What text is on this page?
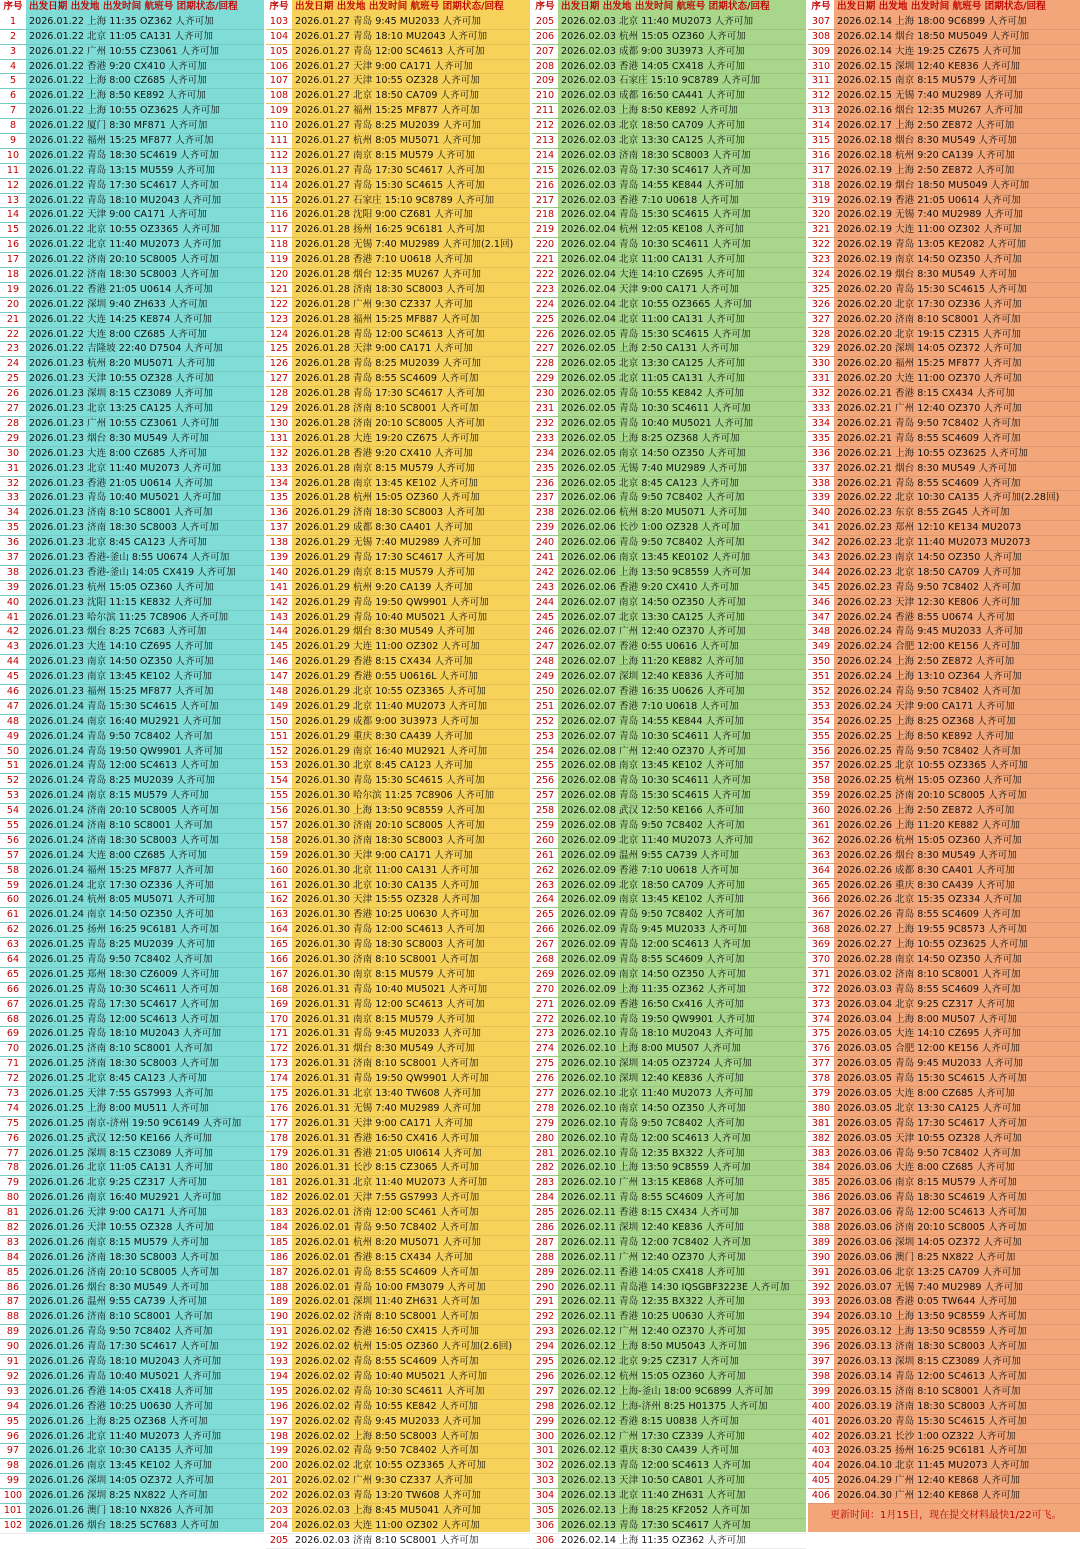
序号 出发日期 出发地 出发时间 航班号 团期状态/回程
1	2026.01.22 上海 11:35 OZ362 人齐可加
2	2026.01.22 北京 11:05 CA131 人齐可加
3	2026.01.22 广州 10:55 CZ3061 人齐可加
4	2026.01.22 香港 9:20 CX410 人齐可加
5	2026.01.22 上海 8:00 CZ685 人齐可加
6	2026.01.22 上海 8:50 KE892 人齐可加
7	2026.01.22 上海 10:55 OZ3625 人齐可加
8	2026.01.22 厦门 8:30 MF871 人齐可加
9	2026.01.22 福州 15:25 MF877 人齐可加
10	2026.01.22 青岛 18:30 SC4619 人齐可加
11	2026.01.22 青岛 13:15 MU559 人齐可加
12	2026.01.22 青岛 17:30 SC4617 人齐可加
13	2026.01.22 青岛 18:10 MU2043 人齐可加
14	2026.01.22 天津 9:00 CA171 人齐可加
15	2026.01.22 北京 10:55 OZ3365 人齐可加
16	2026.01.22 北京 11:40 MU2073 人齐可加
17	2026.01.22 济南 20:10 SC8005 人齐可加
18	2026.01.22 济南 18:30 SC8003 人齐可加
19	2026.01.22 香港 21:05 U0614 人齐可加
20	2026.01.22 深圳 9:40 ZH633 人齐可加
21	2026.01.22 大连 14:25 KE874 人齐可加
22	2026.01.22 大连 8:00 CZ685 人齐可加
23	2026.01.22 吉隆坡 22:40 D7504 人齐可加
24	2026.01.23 杭州 8:20 MU5071 人齐可加
25	2026.01.23 天津 10:55 OZ328 人齐可加
26	2026.01.23 深圳 8:15 CZ3089 人齐可加
27	2026.01.23 北京 13:25 CA125 人齐可加
28	2026.01.23 广州 10:55 CZ3061 人齐可加
29	2026.01.23 烟台 8:30 MU549 人齐可加
30	2026.01.23 大连 8:00 CZ685 人齐可加
31	2026.01.23 北京 11:40 MU2073 人齐可加
32	2026.01.23 香港 21:05 U0614 人齐可加
33	2026.01.23 青岛 10:40 MU5021 人齐可加
34	2026.01.23 济南 8:10 SC8001 人齐可加
35	2026.01.23 济南 18:30 SC8003 人齐可加
36	2026.01.23 北京 8:45 CA123 人齐可加
37	2026.01.23 香港-釜山 8:55 U0674 人齐可加
38	2026.01.23 香港-釜山 14:05 CX419 人齐可加
39	2026.01.23 杭州 15:05 OZ360 人齐可加
40	2026.01.23 沈阳 11:15 KE832 人齐可加
41	2026.01.23 哈尔滨 11:25 7C8906 人齐可加
42	2026.01.23 烟台 8:25 7C683 人齐可加
43	2026.01.23 大连 14:10 CZ695 人齐可加
44	2026.01.23 南京 14:50 OZ350 人齐可加
45	2026.01.23 南京 13:45 KE102 人齐可加
46	2026.01.23 福州 15:25 MF877 人齐可加
47	2026.01.24 青岛 15:30 SC4615 人齐可加
48	2026.01.24 南京 16:40 MU2921 人齐可加
49	2026.01.24 青岛 9:50 7C8402 人齐可加
50	2026.01.24 青岛 19:50 QW9901 人齐可加
51	2026.01.24 青岛 12:00 SC4613 人齐可加
52	2026.01.24 青岛 8:25 MU2039 人齐可加
53	2026.01.24 南京 8:15 MU579 人齐可加
54	2026.01.24 济南 20:10 SC8005 人齐可加
55	2026.01.24 济南 8:10 SC8001 人齐可加
56	2026.01.24 济南 18:30 SC8003 人齐可加
57	2026.01.24 大连 8:00 CZ685 人齐可加
58	2026.01.24 福州 15:25 MF877 人齐可加
59	2026.01.24 北京 17:30 OZ336 人齐可加
60	2026.01.24 杭州 8:05 MU5071 人齐可加
61	2026.01.24 南京 14:50 OZ350 人齐可加
62	2026.01.25 扬州 16:25 9C6181 人齐可加
63	2026.01.25 青岛 8:25 MU2039 人齐可加
64	2026.01.25 青岛 9:50 7C8402 人齐可加
65	2026.01.25 郑州 18:30 CZ6009 人齐可加
66	2026.01.25 青岛 10:30 SC4611 人齐可加
67	2026.01.25 青岛 17:30 SC4617 人齐可加
68	2026.01.25 青岛 12:00 SC4613 人齐可加
69	2026.01.25 青岛 18:10 MU2043 人齐可加
70	2026.01.25 济南 8:10 SC8001 人齐可加
71	2026.01.25 济南 18:30 SC8003 人齐可加
72	2026.01.25 北京 8:45 CA123 人齐可加
73	2026.01.25 天津 7:55 GS7993 人齐可加
74	2026.01.25 上海 8:00 MU511 人齐可加
75	2026.01.25 南京-济州 19:50 9C6149 人齐可加
76	2026.01.25 武汉 12:50 KE166 人齐可加
77	2026.01.25 深圳 8:15 CZ3089 人齐可加
78	2026.01.26 北京 11:05 CA131 人齐可加
79	2026.01.26 北京 9:25 CZ317 人齐可加
80	2026.01.26 南京 16:40 MU2921 人齐可加
81	2026.01.26 天津 9:00 CA171 人齐可加
82	2026.01.26 天津 10:55 OZ328 人齐可加
83	2026.01.26 南京 8:15 MU579 人齐可加
84	2026.01.26 济南 18:30 SC8003 人齐可加
85	2026.01.26 济南 20:10 SC8005 人齐可加
86	2026.01.26 烟台 8:30 MU549 人齐可加
87	2026.01.26 温州 9:55 CA739 人齐可加
88	2026.01.26 济南 8:10 SC8001 人齐可加
89	2026.01.26 青岛 9:50 7C8402 人齐可加
90	2026.01.26 青岛 17:30 SC4617 人齐可加
91	2026.01.26 青岛 18:10 MU2043 人齐可加
92	2026.01.26 青岛 10:40 MU5021 人齐可加
93	2026.01.26 香港 14:05 CX418 人齐可加
94	2026.01.26 香港 10:25 U0630 人齐可加
95	2026.01.26 上海 8:25 OZ368 人齐可加
96	2026.01.26 北京 11:40 MU2073 人齐可加
97	2026.01.26 北京 10:30 CA135 人齐可加
98	2026.01.26 南京 13:45 KE102 人齐可加
99	2026.01.26 深圳 14:05 OZ372 人齐可加
100 2026.01.26 深圳 8:25 NX822 人齐可加
101 2026.01.26 澳门 18:10 NX826 人齐可加
102 2026.01.26 烟台 18:25 SC7683 人齐可加
序号 出发日期 出发地 出发时间 航班号 团期状态/回程
103 2026.01.27 青岛 9:45 MU2033 人齐可加
104 2026.01.27 青岛 18:10 MU2043 人齐可加
105 2026.01.27 青岛 12:00 SC4613 人齐可加
106 2026.01.27 天津 9:00 CA171 人齐可加
107 2026.01.27 天津 10:55 OZ328 人齐可加
108 2026.01.27 北京 18:50 CA709 人齐可加
109 2026.01.27 福州 15:25 MF877 人齐可加
110 2026.01.27 青岛 8:25 MU2039 人齐可加
111 2026.01.27 杭州 8:05 MU5071 人齐可加
112 2026.01.27 南京 8:15 MU579 人齐可加
113 2026.01.27 青岛 17:30 SC4617 人齐可加
114 2026.01.27 青岛 15:30 SC4615 人齐可加
115 2026.01.27 石家庄 15:10 9C8789 人齐可加
116 2026.01.28 沈阳 9:00 CZ681 人齐可加
117 2026.01.28 扬州 16:25 9C6181 人齐可加
118 2026.01.28 无锡 7:40 MU2989 人齐可加(2.1回)
119 2026.01.28 香港 7:10 U0618 人齐可加
120 2026.01.28 烟台 12:35 MU267 人齐可加
121 2026.01.28 济南 18:30 SC8003 人齐可加
122 2026.01.28 广州 9:30 CZ337 人齐可加
123 2026.01.28 福州 15:25 MF887 人齐可加
124 2026.01.28 青岛 12:00 SC4613 人齐可加
125 2026.01.28 天津 9:00 CA171 人齐可加
126 2026.01.28 青岛 8:25 MU2039 人齐可加
127 2026.01.28 青岛 8:55 SC4609 人齐可加
128 2026.01.28 青岛 17:30 SC4617 人齐可加
129 2026.01.28 济南 8:10 SC8001 人齐可加
130 2026.01.28 济南 20:10 SC8005 人齐可加
131 2026.01.28 大连 19:20 CZ675 人齐可加
132 2026.01.28 香港 9:20 CX410 人齐可加
133 2026.01.28 南京 8:15 MU579 人齐可加
134 2026.01.28 南京 13:45 KE102 人齐可加
135 2026.01.28 杭州 15:05 OZ360 人齐可加
136 2026.01.29 济南 18:30 SC8003 人齐可加
137 2026.01.29 成都 8:30 CA401 人齐可加
138 2026.01.29 无锡 7:40 MU2989 人齐可加
139 2026.01.29 青岛 17:30 SC4617 人齐可加
140 2026.01.29 南京 8:15 MU579 人齐可加
141 2026.01.29 杭州 9:20 CA139 人齐可加
142 2026.01.29 青岛 19:50 QW9901 人齐可加
143 2026.01.29 青岛 10:40 MU5021 人齐可加
144 2026.01.29 烟台 8:30 MU549 人齐可加
145 2026.01.29 大连 11:00 OZ302 人齐可加
146 2026.01.29 香港 8:15 CX434 人齐可加
147 2026.01.29 香港 0:55 U0616L 人齐可加
148 2026.01.29 北京 10:55 OZ3365 人齐可加
149 2026.01.29 北京 11:40 MU2073 人齐可加
150 2026.01.29 成都 9:00 3U3973 人齐可加
151 2026.01.29 重庆 8:30 CA439 人齐可加
152 2026.01.29 南京 16:40 MU2921 人齐可加
153 2026.01.30 北京 8:45 CA123 人齐可加
154 2026.01.30 青岛 15:30 SC4615 人齐可加
155 2026.01.30 哈尔滨 11:25 7C8906 人齐可加
156 2026.01.30 上海 13:50 9C8559 人齐可加
157 2026.01.30 济南 20:10 SC8005 人齐可加
158 2026.01.30 济南 18:30 SC8003 人齐可加
159 2026.01.30 天津 9:00 CA171 人齐可加
160 2026.01.30 北京 11:00 CA131 人齐可加
161 2026.01.30 北京 10:30 CA135 人齐可加
162 2026.01.30 天津 15:55 OZ328 人齐可加
163 2026.01.30 香港 10:25 U0630 人齐可加
164 2026.01.30 青岛 12:00 SC4613 人齐可加
165 2026.01.30 青岛 18:30 SC8003 人齐可加
166 2026.01.30 济南 8:10 SC8001 人齐可加
167 2026.01.30 南京 8:15 MU579 人齐可加
168 2026.01.31 青岛 10:40 MU5021 人齐可加
169 2026.01.31 青岛 12:00 SC4613 人齐可加
170 2026.01.31 南京 8:15 MU579 人齐可加
171 2026.01.31 青岛 9:45 MU2033 人齐可加
172 2026.01.31 烟台 8:30 MU549 人齐可加
173 2026.01.31 济南 8:10 SC8001 人齐可加
174 2026.01.31 青岛 19:50 QW9901 人齐可加
175 2026.01.31 北京 13:40 TW608 人齐可加
176 2026.01.31 无锡 7:40 MU2989 人齐可加
177 2026.01.31 天津 9:00 CA171 人齐可加
178 2026.01.31 香港 16:50 CX416 人齐可加
179 2026.01.31 香港 21:05 UI0614 人齐可加
180 2026.01.31 长沙 8:15 CZ3065 人齐可加
181 2026.01.31 北京 11:40 MU2073 人齐可加
182 2026.02.01 天津 7:55 GS7993 人齐可加
183 2026.02.01 济南 12:00 SC461 人齐可加
184 2026.02.01 青岛 9:50 7C8402 人齐可加
185 2026.02.01 杭州 8:20 MU5071 人齐可加
186 2026.02.01 香港 8:15 CX434 人齐可加
187 2026.02.01 青岛 8:55 SC4609 人齐可加
188 2026.02.01 青岛 10:00 FM3079 人齐可加
189 2026.02.01 深圳 11:40 ZH631 人齐可加
190 2026.02.02 济南 8:10 SC8001 人齐可加
191 2026.02.02 香港 16:50 CX415 人齐可加
192 2026.02.02 杭州 15:05 OZ360 人齐可加(2.6回)
193 2026.02.02 青岛 8:55 SC4609 人齐可加
194 2026.02.02 青岛 10:40 MU5021 人齐可加
195 2026.02.02 青岛 10:30 SC4611 人齐可加
196 2026.02.02 青岛 10:55 KE842 人齐可加
197 2026.02.02 青岛 9:45 MU2033 人齐可加
198 2026.02.02 上海 8:50 SC8003 人齐可加
199 2026.02.02 青岛 9:50 7C8402 人齐可加
200 2026.02.02 北京 10:55 OZ3365 人齐可加
201 2026.02.02 广州 9:30 CZ337 人齐可加
202 2026.02.03 青岛 13:20 TW608 人齐可加
203 2026.02.03 上海 8:45 MU5041 人齐可加
204 2026.02.03 大连 11:00 OZ302 人齐可加
205 2026.02.03 济南 8:10 SC8001 人齐可加
序号 出发日期 出发地 出发时间 航班号 团期状态/回程
205 2026.02.03 北京 11:40 MU2073 人齐可加
206 2026.02.03 杭州 15:05 OZ360 人齐可加
207 2026.02.03 成都 9:00 3U3973 人齐可加
208 2026.02.03 香港 14:05 CX418 人齐可加
209 2026.02.03 石家庄 15:10 9C8789 人齐可加
210 2026.02.03 成都 16:50 CA441 人齐可加
211 2026.02.03 上海 8:50 KE892 人齐可加
212 2026.02.03 北京 18:50 CA709 人齐可加
213 2026.02.03 北京 13:30 CA125 人齐可加
214 2026.02.03 济南 18:30 SC8003 人齐可加
215 2026.02.03 青岛 17:30 SC4617 人齐可加
216 2026.02.03 青岛 14:55 KE844 人齐可加
217 2026.02.03 香港 7:10 U0618 人齐可加
218 2026.02.04 青岛 15:30 SC4615 人齐可加
219 2026.02.04 杭州 12:05 KE108 人齐可加
220 2026.02.04 青岛 10:30 SC4611 人齐可加
221 2026.02.04 北京 11:00 CA131 人齐可加
222 2026.02.04 大连 14:10 CZ695 人齐可加
223 2026.02.04 天津 9:00 CA171 人齐可加
224 2026.02.04 北京 10:55 OZ3665 人齐可加
225 2026.02.04 北京 11:00 CA131 人齐可加
226 2026.02.05 青岛 15:30 SC4615 人齐可加
227 2026.02.05 上海 2:50 CA131 人齐可加
228 2026.02.05 北京 13:30 CA125 人齐可加
229 2026.02.05 北京 11:05 CA131 人齐可加
230 2026.02.05 青岛 10:55 KE842 人齐可加
231 2026.02.05 青岛 10:30 SC4611 人齐可加
232 2026.02.05 青岛 10:40 MU5021 人齐可加
233 2026.02.05 上海 8:25 OZ368 人齐可加
234 2026.02.05 南京 14:50 OZ350 人齐可加
235 2026.02.05 无锡 7:40 MU2989 人齐可加
236 2026.02.05 北京 8:45 CA123 人齐可加
237 2026.02.06 青岛 9:50 7C8402 人齐可加
238 2026.02.06 杭州 8:20 MU5071 人齐可加
239 2026.02.06 长沙 1:00 OZ328 人齐可加
240 2026.02.06 青岛 9:50 7C8402 人齐可加
241 2026.02.06 南京 13:45 KE0102 人齐可加
242 2026.02.06 上海 13:50 9C8559 人齐可加
243 2026.02.06 香港 9:20 CX410 人齐可加
244 2026.02.07 南京 14:50 OZ350 人齐可加
245 2026.02.07 北京 13:30 CA125 人齐可加
246 2026.02.07 广州 12:40 OZ370 人齐可加
247 2026.02.07 香港 0:55 U0616 人齐可加
248 2026.02.07 上海 11:20 KE882 人齐可加
249 2026.02.07 深圳 12:40 KE836 人齐可加
250 2026.02.07 香港 16:35 U0626 人齐可加
251 2026.02.07 香港 7:10 U0618 人齐可加
252 2026.02.07 青岛 14:55 KE844 人齐可加
253 2026.02.07 青岛 10:30 SC4611 人齐可加
254 2026.02.08 广州 12:40 OZ370 人齐可加
255 2026.02.08 南京 13:45 KE102 人齐可加
256 2026.02.08 青岛 10:30 SC4611 人齐可加
257 2026.02.08 青岛 15:30 SC4615 人齐可加
258 2026.02.08 武汉 12:50 KE166 人齐可加
259 2026.02.08 青岛 9:50 7C8402 人齐可加
260 2026.02.09 北京 11:40 MU2073 人齐可加
261 2026.02.09 温州 9:55 CA739 人齐可加
262 2026.02.09 香港 7:10 U0618 人齐可加
263 2026.02.09 北京 18:50 CA709 人齐可加
264 2026.02.09 南京 13:45 KE102 人齐可加
265 2026.02.09 青岛 9:50 7C8402 人齐可加
266 2026.02.09 青岛 9:45 MU2033 人齐可加
267 2026.02.09 青岛 12:00 SC4613 人齐可加
268 2026.02.09 青岛 8:55 SC4609 人齐可加
269 2026.02.09 南京 14:50 OZ350 人齐可加
270 2026.02.09 上海 11:35 OZ362 人齐可加
271 2026.02.09 香港 16:50 Cx416 人齐可加
272 2026.02.10 青岛 19:50 QW9901 人齐可加
273 2026.02.10 青岛 18:10 MU2043 人齐可加
274 2026.02.10 上海 8:00 MU507 人齐可加
275 2026.02.10 深圳 14:05 OZ3724 人齐可加
276 2026.02.10 深圳 12:40 KE836 人齐可加
277 2026.02.10 北京 11:40 MU2073 人齐可加
278 2026.02.10 南京 14:50 OZ350 人齐可加
279 2026.02.10 青岛 9:50 7C8402 人齐可加
280 2026.02.10 青岛 12:00 SC4613 人齐可加
281 2026.02.10 青岛 12:35 BX322 人齐可加
282 2026.02.10 上海 13:50 9C8559 人齐可加
283 2026.02.10 广州 13:15 KE868 人齐可加
284 2026.02.11 青岛 8:55 SC4609 人齐可加
285 2026.02.11 香港 8:15 CX434 人齐可加
286 2026.02.11 深圳 12:40 KE836 人齐可加
287 2026.02.11 青岛 12:00 7C8402 人齐可加
288 2026.02.11 广州 12:40 OZ370 人齐可加
289 2026.02.11 香港 14:05 CX418 人齐可加
290 2026.02.11 青岛港 14:30 IQSGBF3223E 人齐可加
291 2026.02.11 青岛 12:35 BX322 人齐可加
292 2026.02.11 香港 10:25 U0630 人齐可加
293 2026.02.12 广州 12:40 OZ370 人齐可加
294 2026.02.12 上海 8:50 MU5043 人齐可加
295 2026.02.12 北京 9:25 CZ317 人齐可加
296 2026.02.12 杭州 15:05 OZ360 人齐可加
297 2026.02.12 上海-釜山 18:00 9C6899 人齐可加
298 2026.02.12 上海-济州 8:25 H01375 人齐可加
299 2026.02.12 香港 8:15 U0838 人齐可加
300 2026.02.12 广州 17:30 CZ339 人齐可加
301 2026.02.12 重庆 8:30 CA439 人齐可加
302 2026.02.13 青岛 12:00 SC4613 人齐可加
303 2026.02.13 天津 10:50 CA801 人齐可加
304 2026.02.13 北京 11:40 ZH631 人齐可加
305 2026.02.13 上海 18:25 KF2052 人齐可加
306 2026.02.13 青岛 17:30 SC4617 人齐可加
306 2026.02.14 上海 11:35 OZ362 人齐可加
序号 出发日期 出发地 出发时间 航班号 团期状态/回程
307 2026.02.14 上海 18:00 9C6899 人齐可加
308 2026.02.14 烟台 18:50 MU5049 人齐可加
309 2026.02.14 大连 19:25 CZ675 人齐可加
310 2026.02.15 深圳 12:40 KE836 人齐可加
311 2026.02.15 南京 8:15 MU579 人齐可加
312 2026.02.15 无锡 7:40 MU2989 人齐可加
313 2026.02.16 烟台 12:35 MU267 人齐可加
314 2026.02.17 上海 2:50 ZE872 人齐可加
315 2026.02.18 烟台 8:30 MU549 人齐可加
316 2026.02.18 杭州 9:20 CA139 人齐可加
317 2026.02.19 上海 2:50 ZE872 人齐可加
318 2026.02.19 烟台 18:50 MU5049 人齐可加
319 2026.02.19 香港 21:05 U0614 人齐可加
320 2026.02.19 无锡 7:40 MU2989 人齐可加
321 2026.02.19 大连 11:00 OZ302 人齐可加
322 2026.02.19 青岛 13:05 KE2082 人齐可加
323 2026.02.19 南京 14:50 OZ350 人齐可加
324 2026.02.19 烟台 8:30 MU549 人齐可加
325 2026.02.20 青岛 15:30 SC4615 人齐可加
326 2026.02.20 北京 17:30 OZ336 人齐可加
327 2026.02.20 济南 8:10 SC8001 人齐可加
328 2026.02.20 北京 19:15 CZ315 人齐可加
329 2026.02.20 深圳 14:05 OZ372 人齐可加
330 2026.02.20 福州 15:25 MF877 人齐可加
331 2026.02.20 大连 11:00 OZ370 人齐可加
332 2026.02.21 香港 8:15 CX434 人齐可加
333 2026.02.21 广州 12:40 OZ370 人齐可加
334 2026.02.21 青岛 9:50 7C8402 人齐可加
335 2026.02.21 青岛 8:55 SC4609 人齐可加
336 2026.02.21 上海 10:55 OZ3625 人齐可加
337 2026.02.21 烟台 8:30 MU549 人齐可加
338 2026.02.21 青岛 8:55 SC4609 人齐可加
339 2026.02.22 北京 10:30 CA135 人齐可加(2.28回)
340 2026.02.23 东京 8:55 ZG45 人齐可加
341 2026.02.23 郑州 12:10 KE134 MU2073
342 2026.02.23 北京 11:40 MU2073 MU2073
343 2026.02.23 南京 14:50 OZ350 人齐可加
344 2026.02.23 北京 18:50 CA709 人齐可加
345 2026.02.23 青岛 9:50 7C8402 人齐可加
346 2026.02.23 天津 12:30 KE806 人齐可加
347 2026.02.24 香港 8:55 U0674 人齐可加
348 2026.02.24 青岛 9:45 MU2033 人齐可加
349 2026.02.24 合肥 12:00 KE156 人齐可加
350 2026.02.24 上海 2:50 ZE872 人齐可加
351 2026.02.24 上海 13:10 OZ364 人齐可加
352 2026.02.24 青岛 9:50 7C8402 人齐可加
353 2026.02.24 天津 9:00 CA171 人齐可加
354 2026.02.25 上海 8:25 OZ368 人齐可加
355 2026.02.25 上海 8:50 KE892 人齐可加
356 2026.02.25 青岛 9:50 7C8402 人齐可加
357 2026.02.25 北京 10:55 OZ3365 人齐可加
358 2026.02.25 杭州 15:05 OZ360 人齐可加
359 2026.02.25 济南 20:10 SC8005 人齐可加
360 2026.02.26 上海 2:50 ZE872 人齐可加
361 2026.02.26 上海 11:20 KE882 人齐可加
362 2026.02.26 杭州 15:05 OZ360 人齐可加
363 2026.02.26 烟台 8:30 MU549 人齐可加
364 2026.02.26 成都 8:30 CA401 人齐可加
365 2026.02.26 重庆 8:30 CA439 人齐可加
366 2026.02.26 北京 15:35 OZ334 人齐可加
367 2026.02.26 青岛 8:55 SC4609 人齐可加
368 2026.02.27 上海 19:55 9C8573 人齐可加
369 2026.02.27 上海 10:55 OZ3625 人齐可加
370 2026.02.28 南京 14:50 OZ350 人齐可加
371 2026.03.02 济南 8:10 SC8001 人齐可加
372 2026.03.03 青岛 8:55 SC4609 人齐可加
373 2026.03.04 北京 9:25 CZ317 人齐可加
374 2026.03.04 上海 8:00 MU507 人齐可加
375 2026.03.05 大连 14:10 CZ695 人齐可加
376 2026.03.05 合肥 12:00 KE156 人齐可加
377 2026.03.05 青岛 9:45 MU2033 人齐可加
378 2026.03.05 青岛 15:30 SC4615 人齐可加
379 2026.03.05 大连 8:00 CZ685 人齐可加
380 2026.03.05 北京 13:30 CA125 人齐可加
381 2026.03.05 青岛 17:30 SC4617 人齐可加
382 2026.03.05 天津 10:55 OZ328 人齐可加
383 2026.03.06 青岛 9:50 7C8402 人齐可加
384 2026.03.06 大连 8:00 CZ685 人齐可加
385 2026.03.06 南京 8:15 MU579 人齐可加
386 2026.03.06 青岛 18:30 SC4619 人齐可加
387 2026.03.06 青岛 12:00 SC4613 人齐可加
388 2026.03.06 济南 20:10 SC8005 人齐可加
389 2026.03.06 深圳 14:05 OZ372 人齐可加
390 2026.03.06 澳门 8:25 NX822 人齐可加
391 2026.03.06 北京 13:25 CA709 人齐可加
392 2026.03.07 无锡 7:40 MU2989 人齐可加
393 2026.03.08 香港 0:05 TW644 人齐可加
394 2026.03.10 上海 13:50 9C8559 人齐可加
395 2026.03.12 上海 13:50 9C8559 人齐可加
396 2026.03.13 济南 18:30 SC8003 人齐可加
397 2026.03.13 深圳 8:15 CZ3089 人齐可加
398 2026.03.14 青岛 12:00 SC4613 人齐可加
399 2026.03.15 济南 8:10 SC8001 人齐可加
400 2026.03.19 济南 18:30 SC8003 人齐可加
401 2026.03.20 青岛 15:30 SC4615 人齐可加
402 2026.03.21 长沙 1:00 OZ322 人齐可加
403 2026.03.25 扬州 16:25 9C6181 人齐可加
404 2026.04.10 北京 11:45 MU2073 人齐可加
405 2026.04.29 广州 12:40 KE868 人齐可加
406 2026.04.30 广州 12:40 KE868 人齐可加
更新时间：1月15日，现在提交材料最快1/22可飞。
